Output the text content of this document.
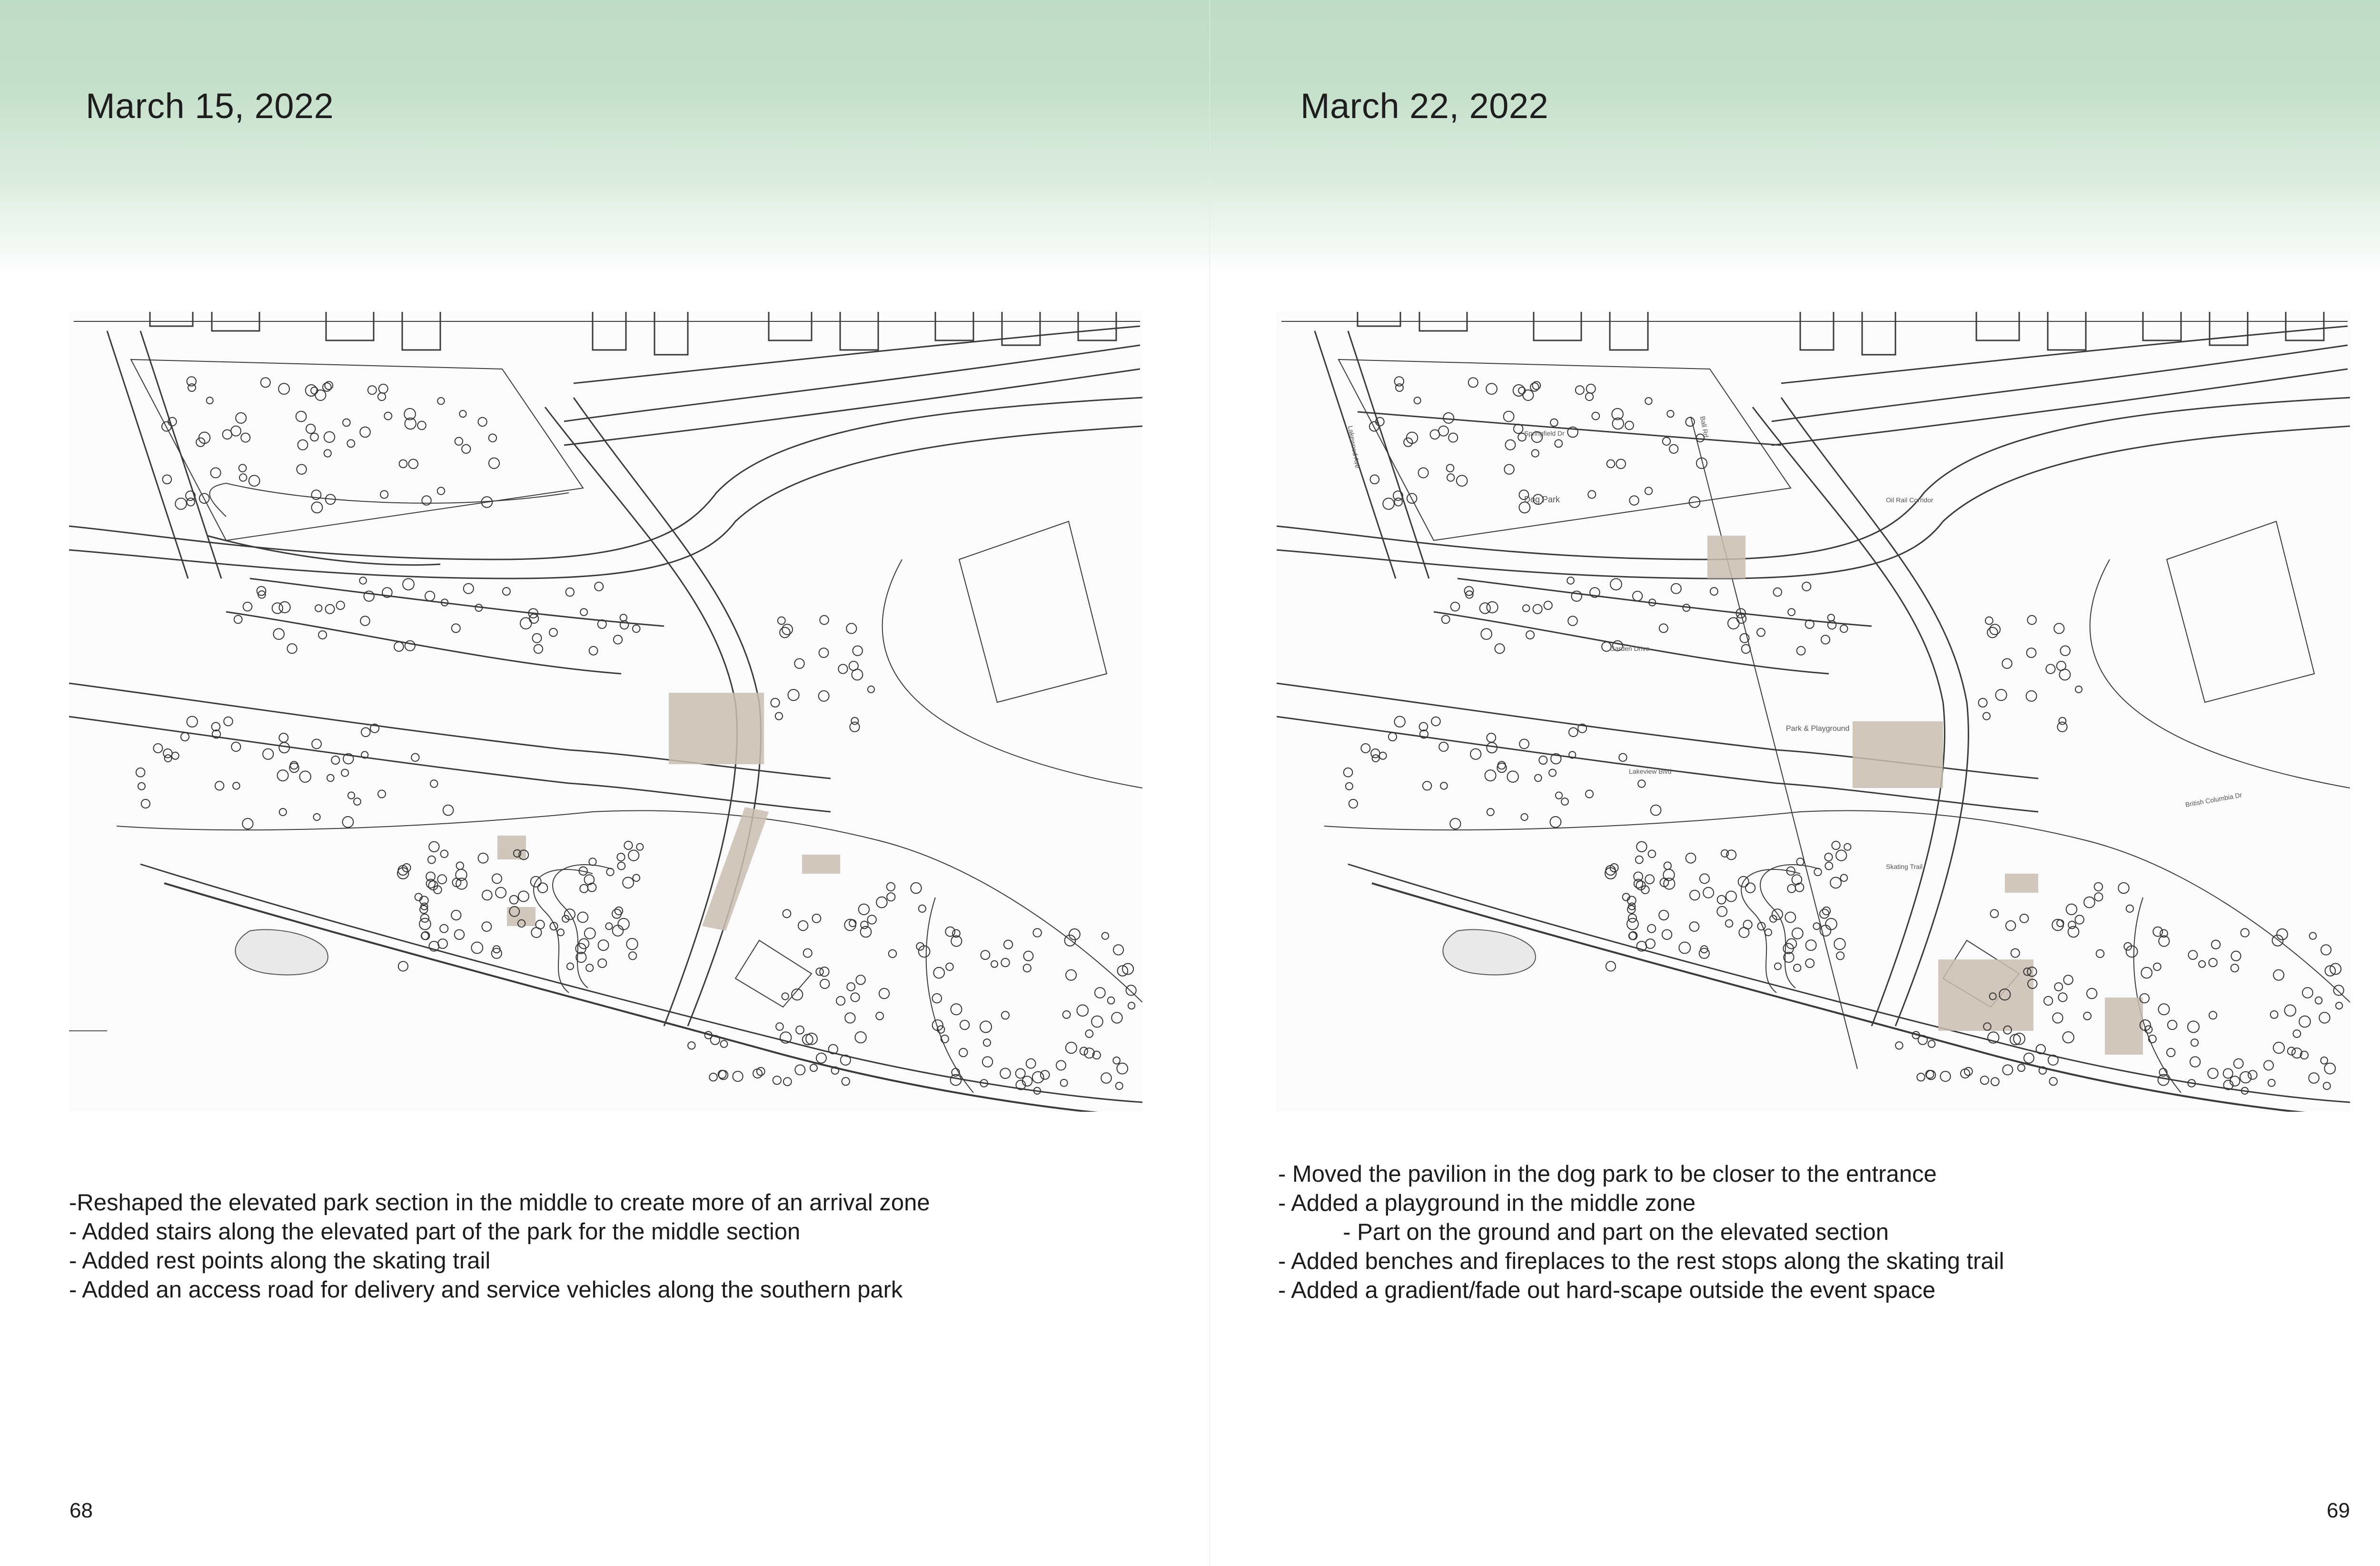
March 15, 2022
-Reshaped the elevated park section in the middle to create more of an arrival zone
- Added stairs along the elevated part of the park for the middle section
- Added rest points along the skating trail
- Added an access road for delivery and service vehicles along the southern park
68
March 22, 2022
Springfield Dr	Ball Rd
Lakewood Ave
Oil Rail Corridor
Dog Park
Garden Drive
Park & Playground
Lakeview Blvd
British Columbia Dr
Skating Trail
- Moved the pavilion in the dog park to be closer to the entrance
- Added a playground in the middle zone
- Part on the ground and part on the elevated section
- Added benches and fireplaces to the rest stops along the skating trail
- Added a gradient/fade out hard-scape outside the event space
69
